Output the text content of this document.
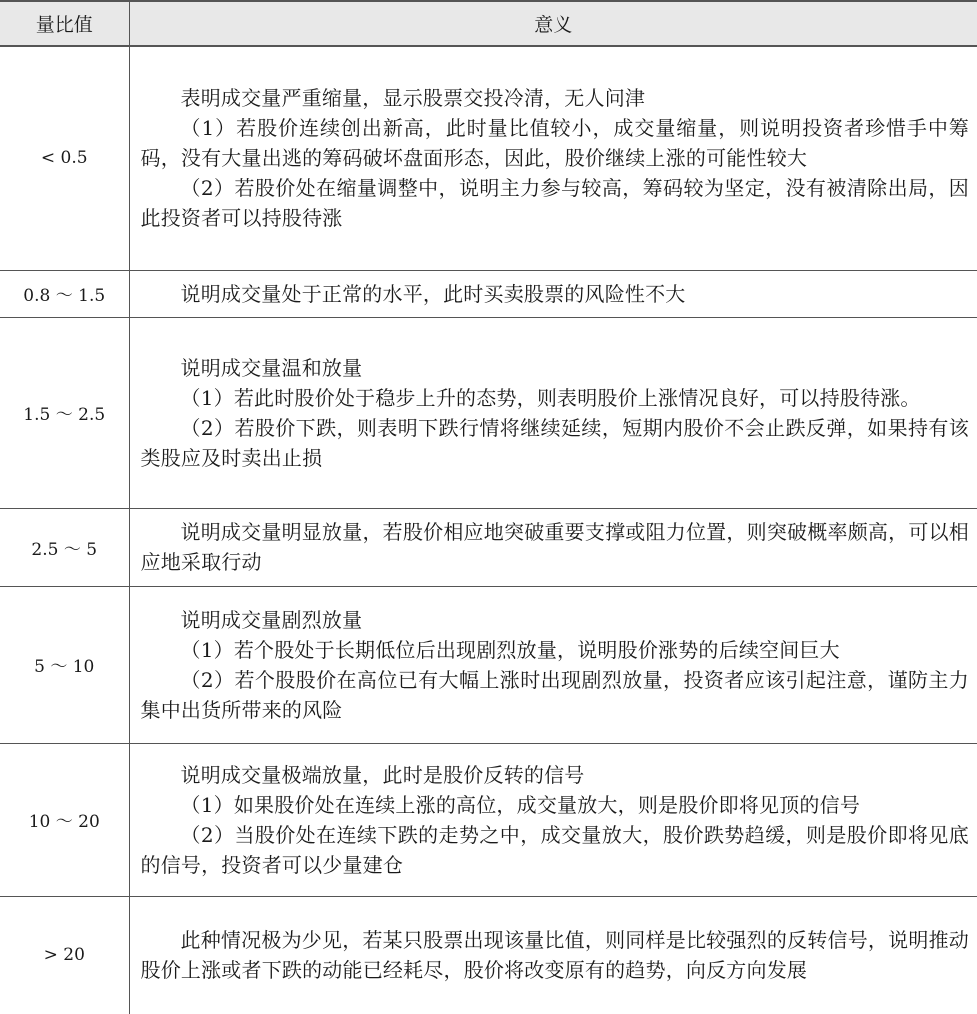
量比值	意义
< 0.5	表明成交量严重缩量，显示股票交投冷清，无人问津

（1）若股价连续创出新高，此时量比值较小，成交量缩量，则说明投资者珍惜手中筹码，没有大量出逃的筹码破坏盘面形态，因此，股价继续上涨的可能性较大

（2）若股价处在缩量调整中，说明主力参与较高，筹码较为坚定，没有被清除出局，因此投资者可以持股待涨

0.8 ～ 1.5	说明成交量处于正常的水平，此时买卖股票的风险性不大

1.5 ～ 2.5	说明成交量温和放量

（1）若此时股价处于稳步上升的态势，则表明股价上涨情况良好，可以持股待涨。

（2）若股价下跌，则表明下跌行情将继续延续，短期内股价不会止跌反弹，如果持有该类股应及时卖出止损

2.5 ～ 5	说明成交量明显放量，若股价相应地突破重要支撑或阻力位置，则突破概率颇高，可以相应地采取行动

5 ～ 10	说明成交量剧烈放量

（1）若个股处于长期低位后出现剧烈放量，说明股价涨势的后续空间巨大

（2）若个股股价在高位已有大幅上涨时出现剧烈放量，投资者应该引起注意，谨防主力集中出货所带来的风险

10 ～ 20	说明成交量极端放量，此时是股价反转的信号

（1）如果股价处在连续上涨的高位，成交量放大，则是股价即将见顶的信号

（2）当股价处在连续下跌的走势之中，成交量放大，股价跌势趋缓，则是股价即将见底的信号，投资者可以少量建仓

> 20	此种情况极为少见，若某只股票出现该量比值，则同样是比较强烈的反转信号，说明推动股价上涨或者下跌的动能已经耗尽，股价将改变原有的趋势，向反方向发展
